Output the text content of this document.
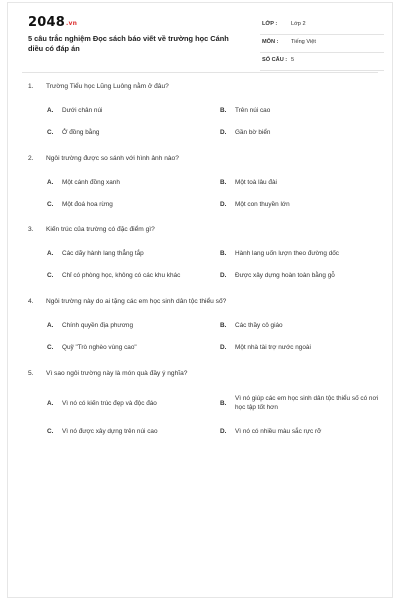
2048.vn
5 câu trắc nghiệm Đọc sách báo viết về trường học Cánh diều có đáp án
LỚP : Lớp 2
MÔN : Tiếng Việt
SỐ CÂU : 5
1. Trường Tiểu học Lũng Luông nằm ở đâu?
A. Dưới chân núi	B. Trên núi cao
C. Ở đồng bằng	D. Gần bờ biển
2. Ngôi trường được so sánh với hình ảnh nào?
A. Một cánh đồng xanh	B. Một toà lâu đài
C. Một đoá hoa rừng	D. Một con thuyền lớn
3. Kiến trúc của trường có đặc điểm gì?
A. Các dãy hành lang thẳng tắp	B. Hành lang uốn lượn theo đường dốc
C. Chỉ có phòng học, không có các khu khác	D. Được xây dựng hoàn toàn bằng gỗ
4. Ngôi trường này do ai tặng các em học sinh dân tộc thiểu số?
A. Chính quyền địa phương	B. Các thầy cô giáo
C. Quỹ "Trò nghèo vùng cao"	D. Một nhà tài trợ nước ngoài
5. Vì sao ngôi trường này là món quà đầy ý nghĩa?
A. Vì nó có kiến trúc đẹp và độc đáo	B.
Vì nó giúp các em học sinh dân tộc thiểu số có nơi học tập tốt hơn
C. Vì nó được xây dựng trên núi cao	D. Vì nó có nhiều màu sắc rực rỡ
